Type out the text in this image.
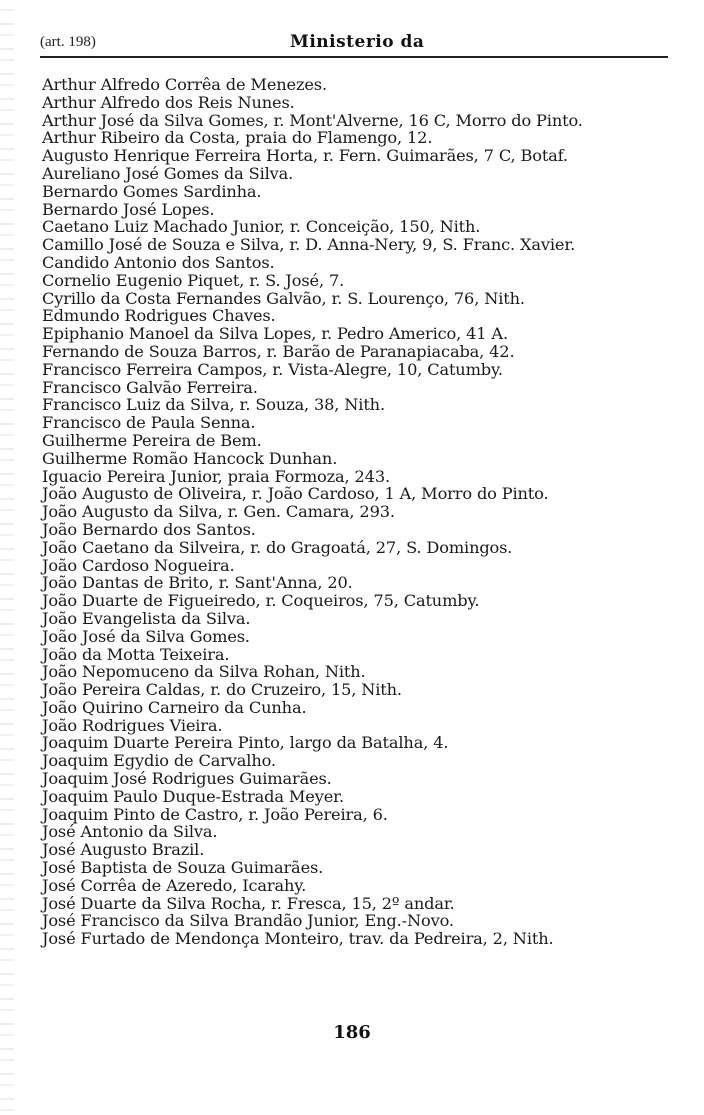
(art. 198)	Ministerio da
Arthur Alfredo Corrêa de Menezes.
Arthur Alfredo dos Reis Nunes.
Arthur José da Silva Gomes, r. Mont'Alverne, 16 C, Morro do Pinto.
Arthur Ribeiro da Costa, praia do Flamengo, 12.
Augusto Henrique Ferreira Horta, r. Fern. Guimarães, 7 C, Botaf.
Aureliano José Gomes da Silva.
Bernardo Gomes Sardinha.
Bernardo José Lopes.
Caetano Luiz Machado Junior, r. Conceição, 150, Nith.
Camillo José de Souza e Silva, r. D. Anna-Nery, 9, S. Franc. Xavier.
Candido Antonio dos Santos.
Cornelio Eugenio Piquet, r. S. José, 7.
Cyrillo da Costa Fernandes Galvão, r. S. Lourenço, 76, Nith.
Edmundo Rodrigues Chaves.
Epiphanio Manoel da Silva Lopes, r. Pedro Americo, 41 A.
Fernando de Souza Barros, r. Barão de Paranapiacaba, 42.
Francisco Ferreira Campos, r. Vista-Alegre, 10, Catumby.
Francisco Galvão Ferreira.
Francisco Luiz da Silva, r. Souza, 38, Nith.
Francisco de Paula Senna.
Guilherme Pereira de Bem.
Guilherme Romão Hancock Dunhan.
Iguacio Pereira Junior, praia Formoza, 243.
João Augusto de Oliveira, r. João Cardoso, 1 A, Morro do Pinto.
João Augusto da Silva, r. Gen. Camara, 293.
João Bernardo dos Santos.
João Caetano da Silveira, r. do Gragoatá, 27, S. Domingos.
João Cardoso Nogueira.
João Dantas de Brito, r. Sant'Anna, 20.
João Duarte de Figueiredo, r. Coqueiros, 75, Catumby.
João Evangelista da Silva.
João José da Silva Gomes.
João da Motta Teixeira.
João Nepomuceno da Silva Rohan, Nith.
João Pereira Caldas, r. do Cruzeiro, 15, Nith.
João Quirino Carneiro da Cunha.
João Rodrigues Vieira.
Joaquim Duarte Pereira Pinto, largo da Batalha, 4.
Joaquim Egydio de Carvalho.
Joaquim José Rodrigues Guimarães.
Joaquim Paulo Duque-Estrada Meyer.
Joaquim Pinto de Castro, r. João Pereira, 6.
José Antonio da Silva.
José Augusto Brazil.
José Baptista de Souza Guimarães.
José Corrêa de Azeredo, Icarahy.
José Duarte da Silva Rocha, r. Fresca, 15, 2º andar.
José Francisco da Silva Brandão Junior, Eng.-Novo.
José Furtado de Mendonça Monteiro, trav. da Pedreira, 2, Nith.
186
